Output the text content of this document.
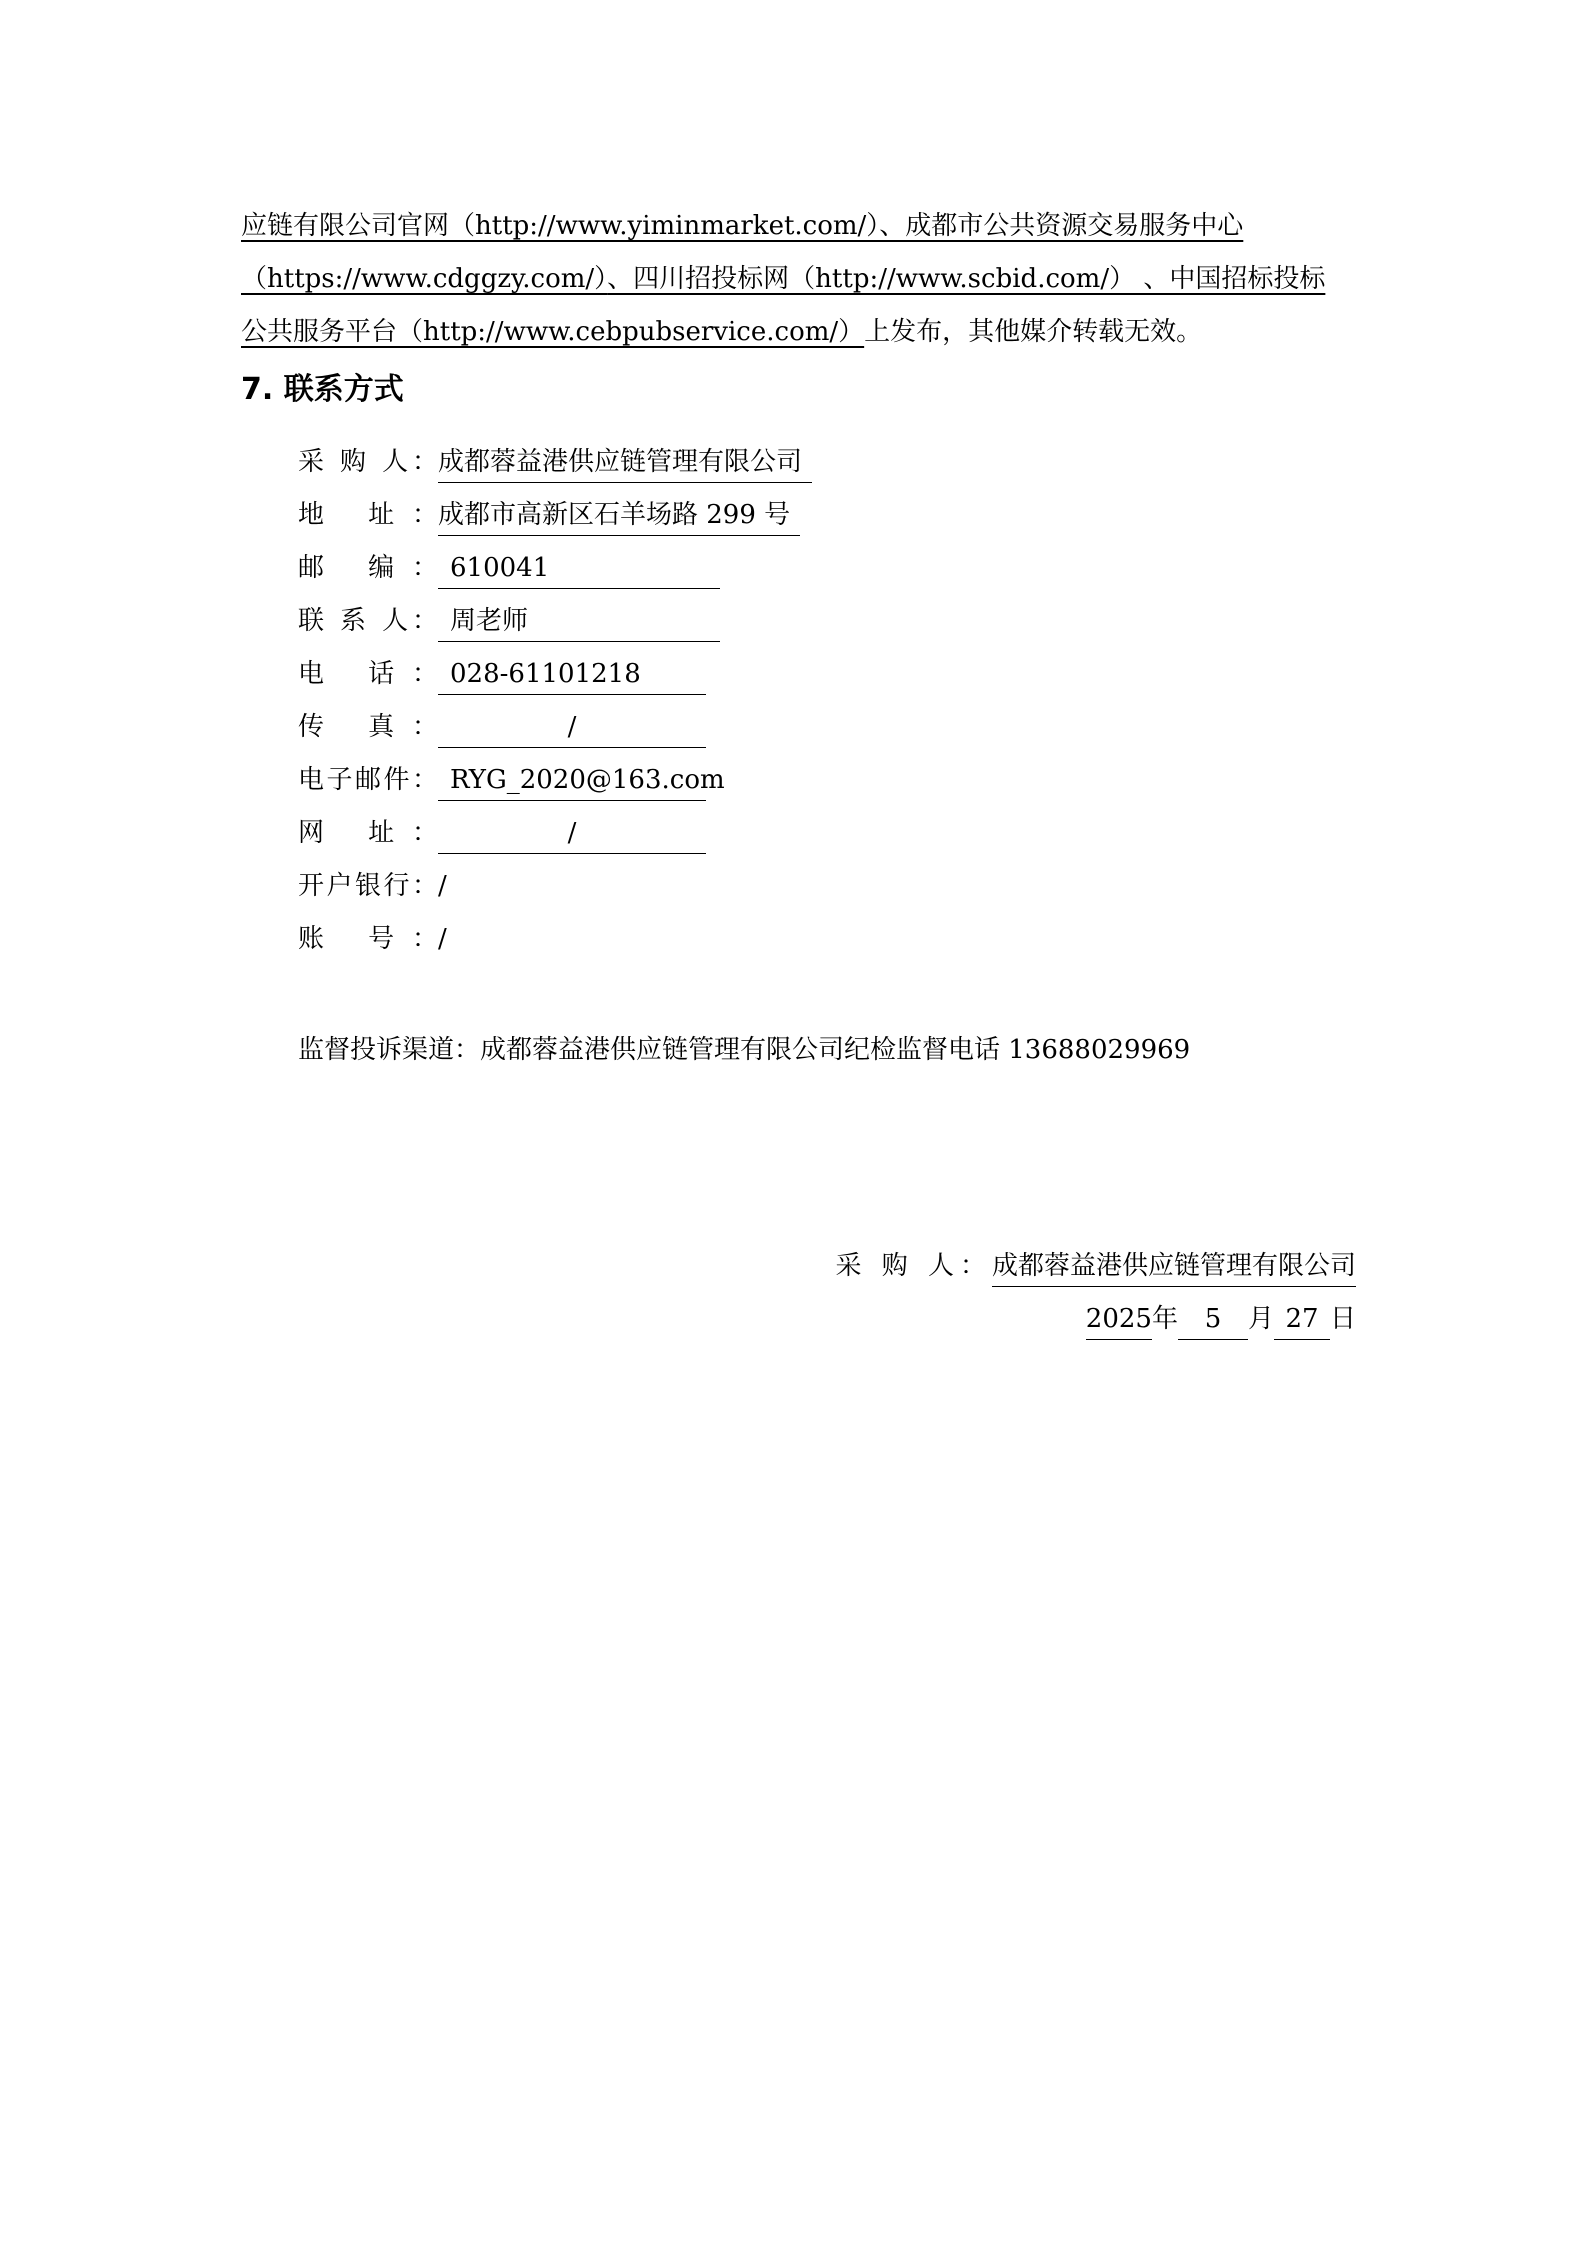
应链有限公司官网（http://www.yiminmarket.com/）、成都市公共资源交易服务中心
（https://www.cdggzy.com/）、四川招投标网（http://www.scbid.com/） 、中国招标投标
公共服务平台（http://www.cebpubservice.com/）上发布，其他媒介转载无效。
7. 联系方式
采 购 人：成都蓉益港供应链管理有限公司
地 址：成都市高新区石羊场路 299 号
邮 编： 610041
联 系 人： 周老师
电 话： 028-61101218
传 真：	/
电子邮件： RYG_2020@163.com
网 址：	/
开户银行：/
账 号：/
监督投诉渠道：成都蓉益港供应链管理有限公司纪检监督电话 13688029969
采 购 人：成都蓉益港供应链管理有限公司
2025年 5 月 27 日
